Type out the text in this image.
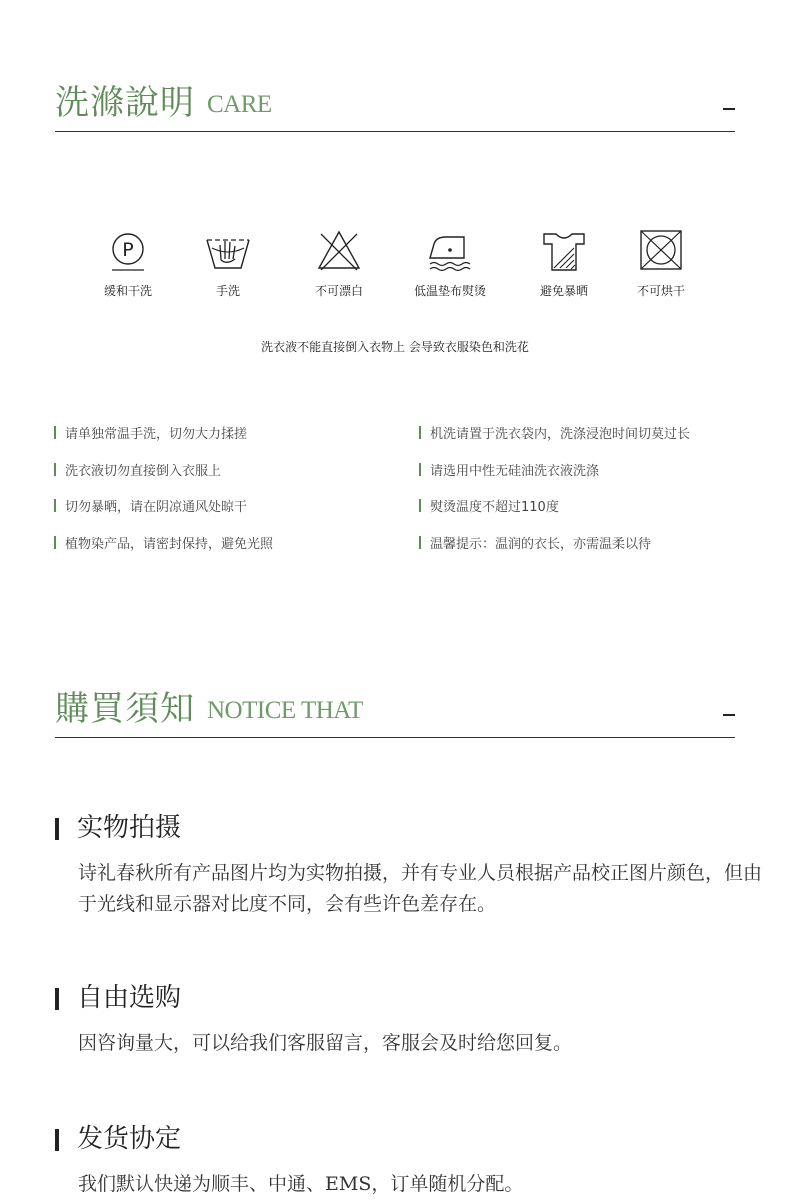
洗滌說明 CARE
P
缓和干洗	手洗	不可漂白	低温垫布熨烫	避免暴晒	不可烘干
洗衣液不能直接倒入衣物上 会导致衣服染色和洗花
请单独常温手洗，切勿大力揉搓
洗衣液切勿直接倒入衣服上
切勿暴晒，请在阴凉通风处晾干
植物染产品，请密封保持，避免光照
机洗请置于洗衣袋内，洗涤浸泡时间切莫过长
请选用中性无硅油洗衣液洗涤
熨烫温度不超过110度
温馨提示：温润的衣长，亦需温柔以待
購買須知 NOTICE THAT
实物拍摄
诗礼春秋所有产品图片均为实物拍摄，并有专业人员根据产品校正图片颜色，但由于光线和显示器对比度不同，会有些许色差存在。
自由选购
因咨询量大，可以给我们客服留言，客服会及时给您回复。
发货协定
我们默认快递为顺丰、中通、EMS，订单随机分配。
